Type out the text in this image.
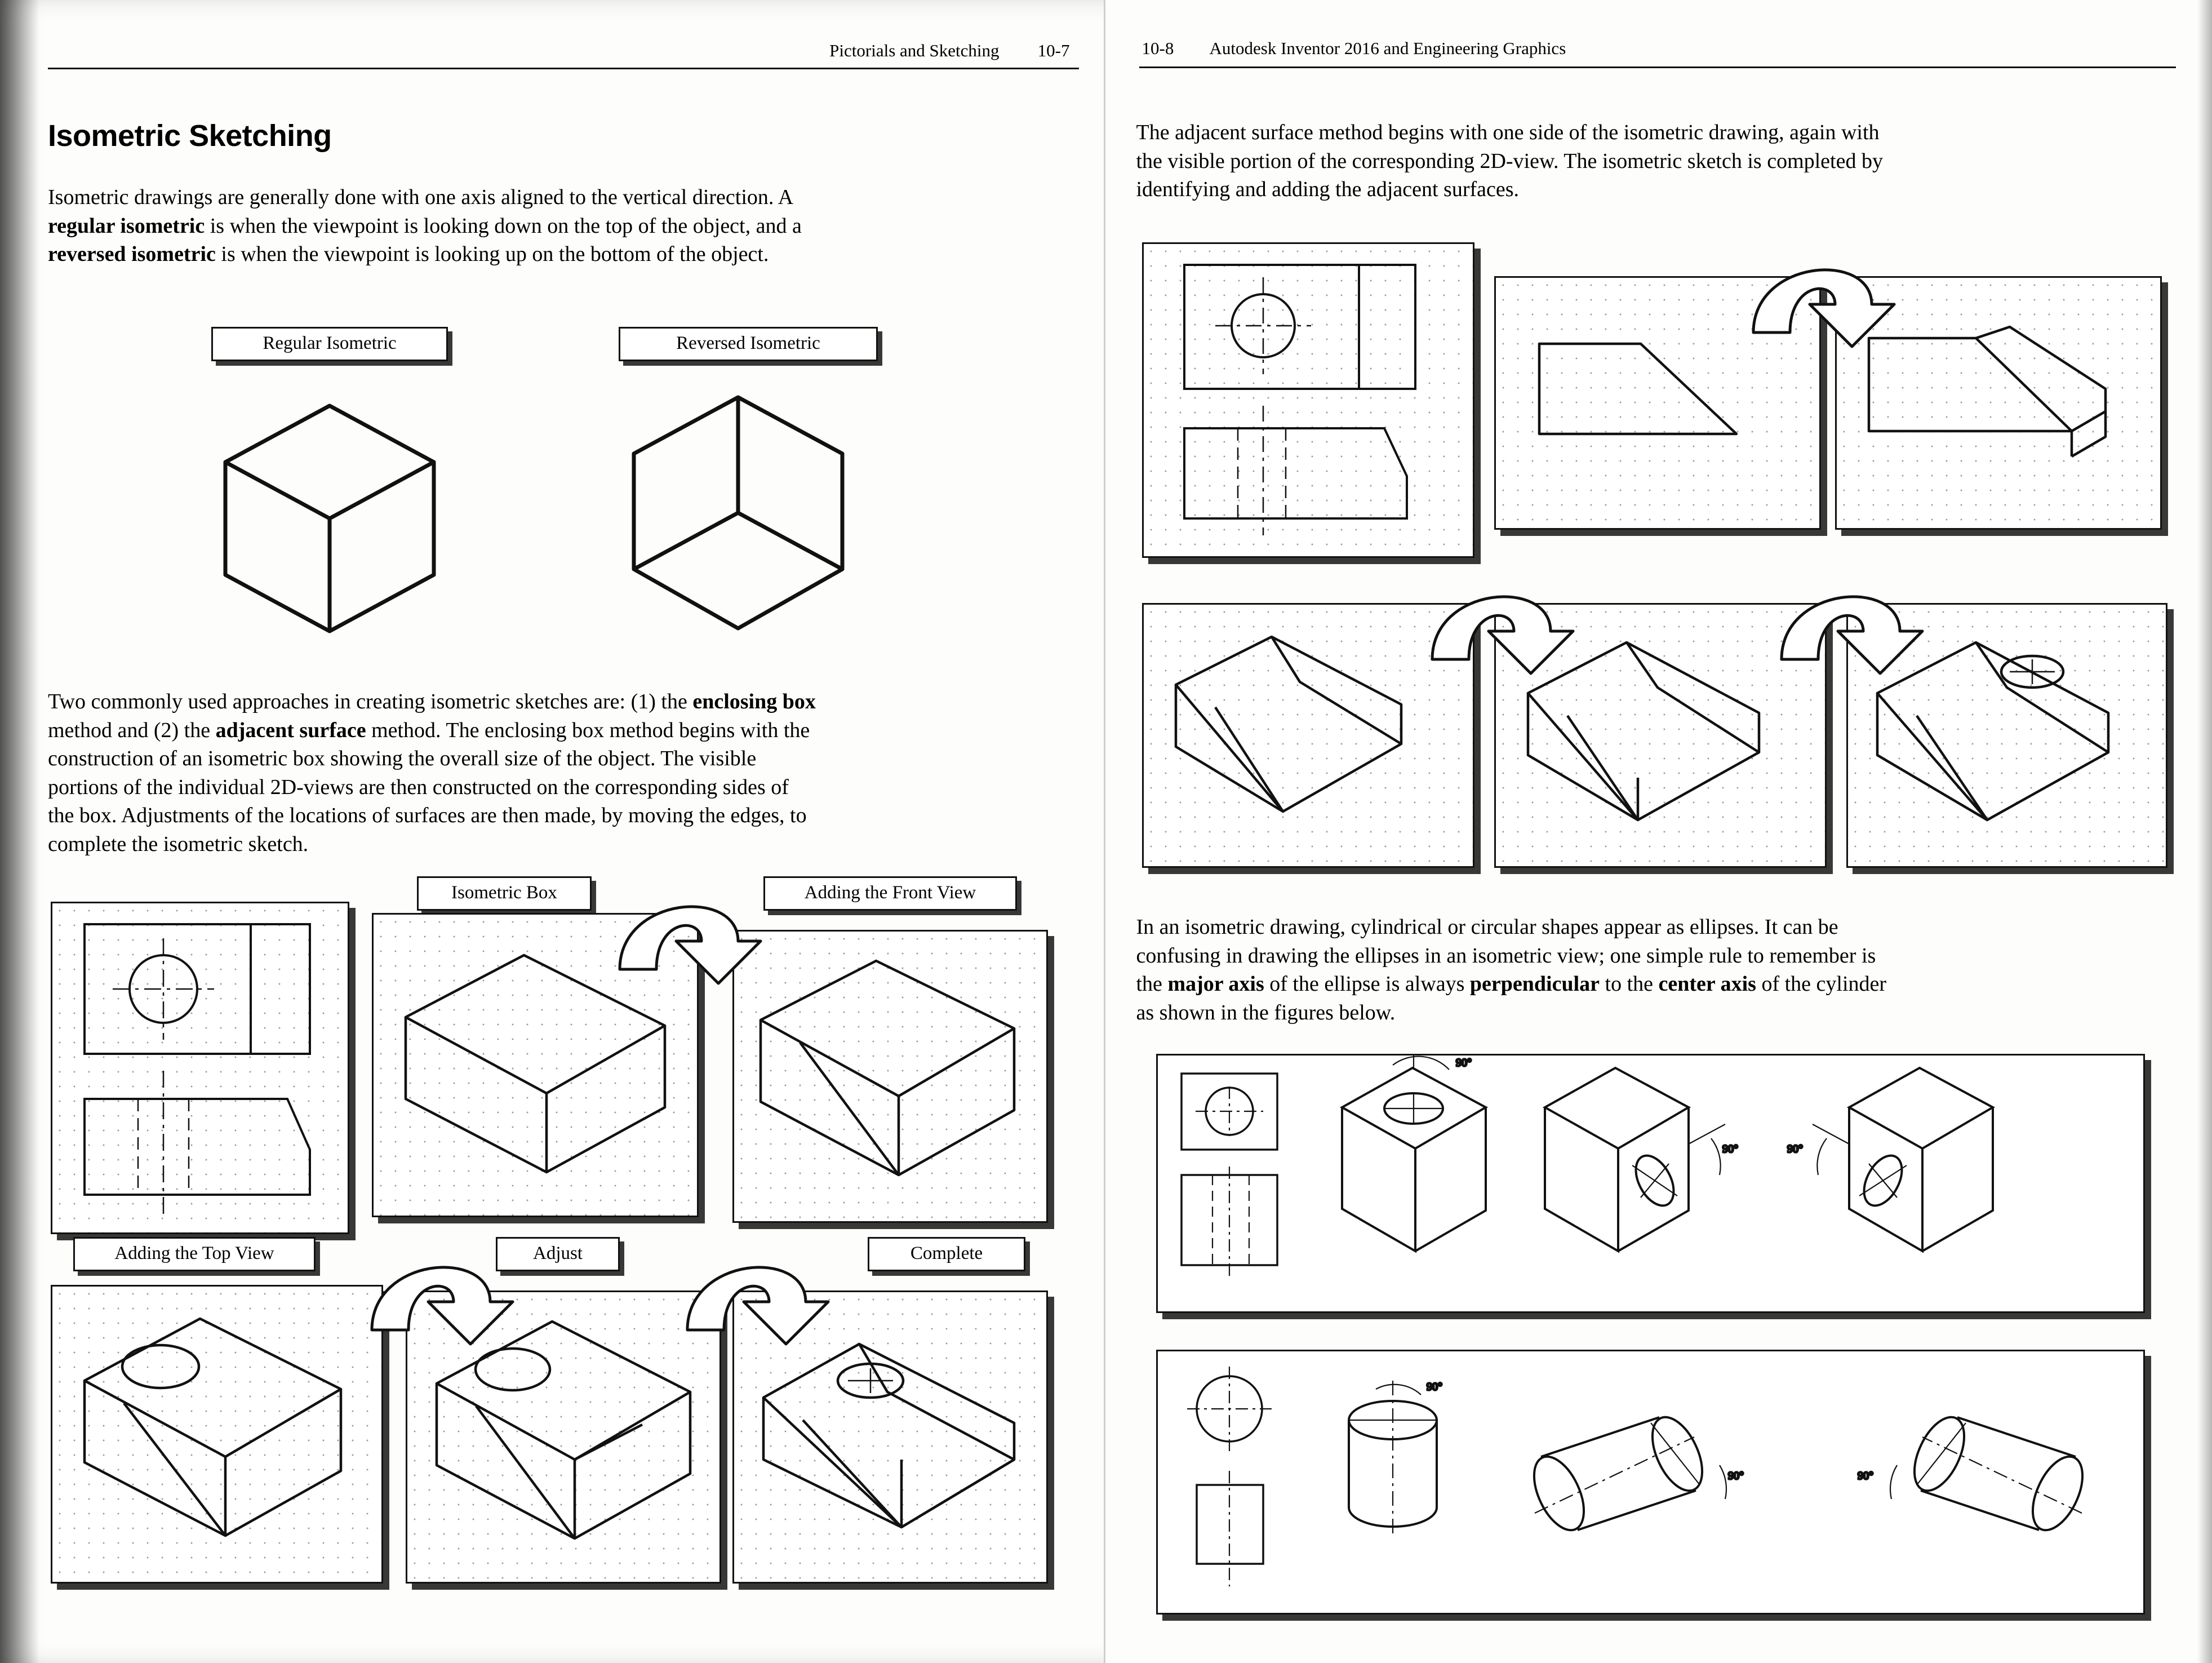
Pictorials and Sketching 10-7
Isometric Sketching

Isometric drawings are generally done with one axis aligned to the vertical direction. A
regular isometric is when the viewpoint is looking down on the top of the object, and a
reversed isometric is when the viewpoint is looking up on the bottom of the object.

Regular Isometric	Reversed Isometric

Two commonly used approaches in creating isometric sketches are: (1) the enclosing box
method and (2) the adjacent surface method. The enclosing box method begins with the
construction of an isometric box showing the overall size of the object. The visible
portions of the individual 2D-views are then constructed on the corresponding sides of
the box. Adjustments of the locations of surfaces are then made, by moving the edges, to
complete the isometric sketch.

Isometric Box	Adding the Front View
Adding the Top View	Adjust	Complete
10-8 Autodesk Inventor 2016 and Engineering Graphics

The adjacent surface method begins with one side of the isometric drawing, again with
the visible portion of the corresponding 2D-view. The isometric sketch is completed by
identifying and adding the adjacent surfaces.

In an isometric drawing, cylindrical or circular shapes appear as ellipses. It can be
confusing in drawing the ellipses in an isometric view; one simple rule to remember is
the major axis of the ellipse is always perpendicular to the center axis of the cylinder
as shown in the figures below.

90°
90°	90°
90°
90°	90°
